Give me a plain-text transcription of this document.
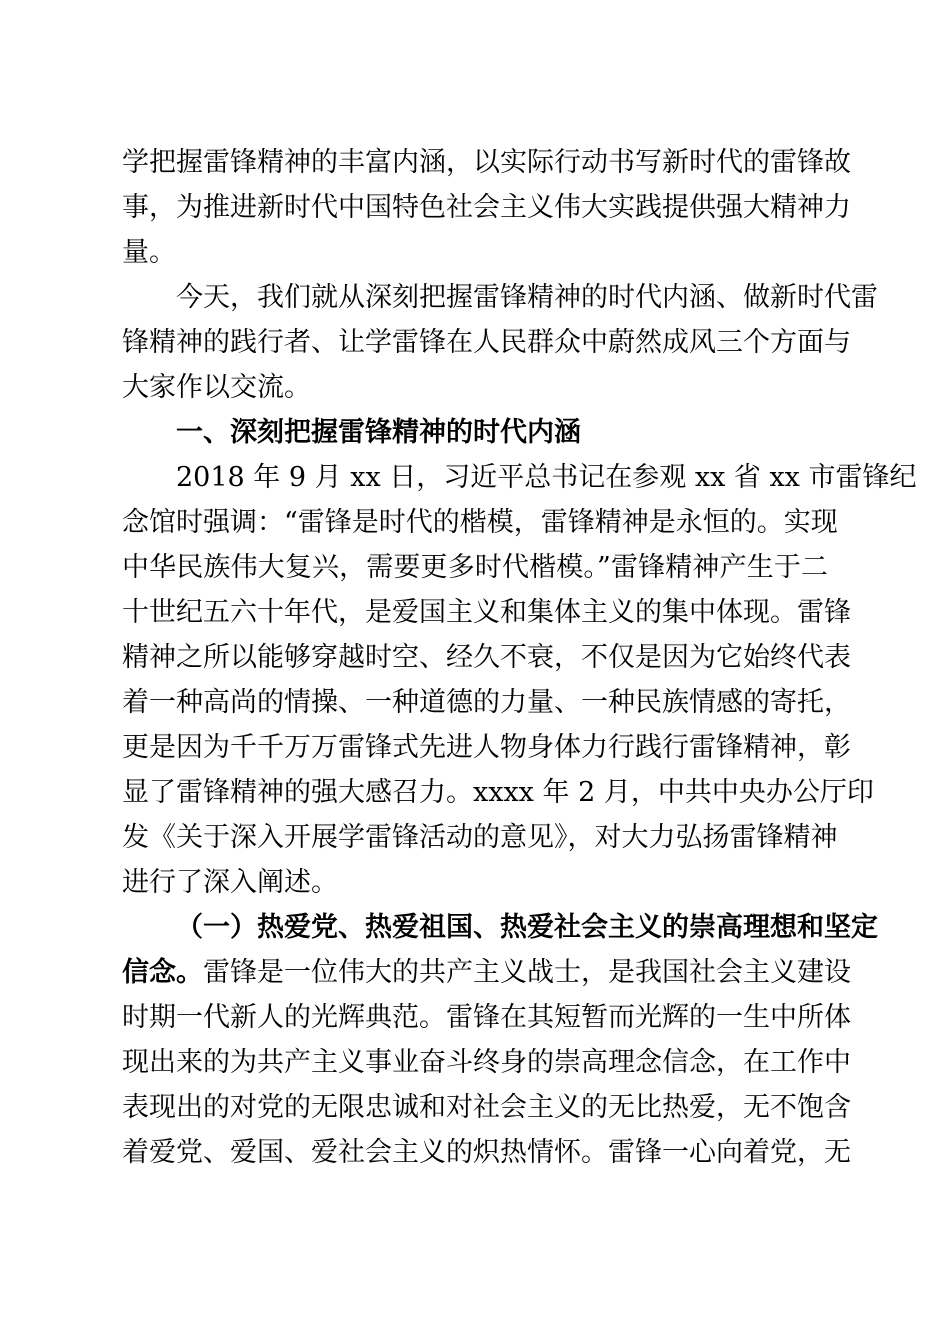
学把握雷锋精神的丰富内涵，以实际行动书写新时代的雷锋故
事，为推进新时代中国特色社会主义伟大实践提供强大精神力
量。
今天，我们就从深刻把握雷锋精神的时代内涵、做新时代雷
锋精神的践行者、让学雷锋在人民群众中蔚然成风三个方面与
大家作以交流。
一、深刻把握雷锋精神的时代内涵
2018 年 9 月 xx 日，习近平总书记在参观 xx 省 xx 市雷锋纪
念馆时强调：“雷锋是时代的楷模，雷锋精神是永恒的。实现
中华民族伟大复兴，需要更多时代楷模。”雷锋精神产生于二
十世纪五六十年代，是爱国主义和集体主义的集中体现。雷锋
精神之所以能够穿越时空、经久不衰，不仅是因为它始终代表
着一种高尚的情操、一种道德的力量、一种民族情感的寄托，
更是因为千千万万雷锋式先进人物身体力行践行雷锋精神，彰
显了雷锋精神的强大感召力。xxxx 年 2 月，中共中央办公厅印
发《关于深入开展学雷锋活动的意见》，对大力弘扬雷锋精神
进行了深入阐述。
（一）热爱党、热爱祖国、热爱社会主义的崇高理想和坚定
信念。雷锋是一位伟大的共产主义战士，是我国社会主义建设
时期一代新人的光辉典范。雷锋在其短暂而光辉的一生中所体
现出来的为共产主义事业奋斗终身的崇高理念信念，在工作中
表现出的对党的无限忠诚和对社会主义的无比热爱，无不饱含
着爱党、爱国、爱社会主义的炽热情怀。雷锋一心向着党，无
